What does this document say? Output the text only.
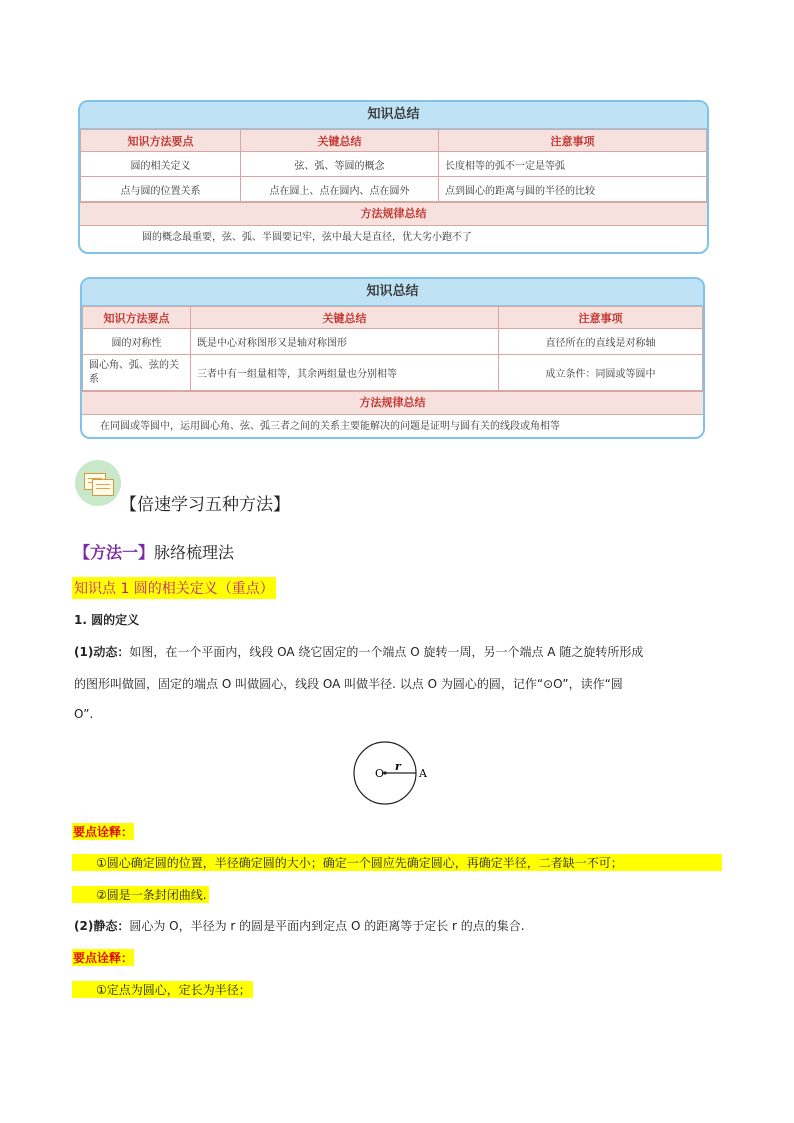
知识总结
知识方法要点	关键总结	注意事项
圆的相关定义	弦、弧、等圆的概念	长度相等的弧不一定是等弧
点与圆的位置关系	点在圆上、点在圆内、点在圆外	点到圆心的距离与圆的半径的比较
方法规律总结
圆的概念最重要，弦、弧、半圆要记牢，弦中最大是直径，优大劣小跑不了
知识总结
知识方法要点	关键总结	注意事项
圆的对称性	既是中心对称图形又是轴对称图形	直径所在的直线是对称轴
圆心角、弧、弦的关系	三者中有一组量相等，其余两组量也分别相等	成立条件：同圆或等圆中
方法规律总结
在同圆或等圆中，运用圆心角、弦、弧三者之间的关系主要能解决的问题是证明与圆有关的线段或角相等
【倍速学习五种方法】
【方法一】脉络梳理法
知识点 1 圆的相关定义（重点）
1. 圆的定义
(1)动态：如图，在一个平面内，线段 OA 绕它固定的一个端点 O 旋转一周，另一个端点 A 随之旋转所形成
的图形叫做圆，固定的端点 O 叫做圆心，线段 OA 叫做半径. 以点 O 为圆心的圆，记作“⊙O”，读作“圆
O”.
O
r
A
要点诠释：
①圆心确定圆的位置，半径确定圆的大小；确定一个圆应先确定圆心，再确定半径，二者缺一不可；
②圆是一条封闭曲线.
(2)静态：圆心为 O，半径为 r 的圆是平面内到定点 O 的距离等于定长 r 的点的集合.
要点诠释：
①定点为圆心，定长为半径；
